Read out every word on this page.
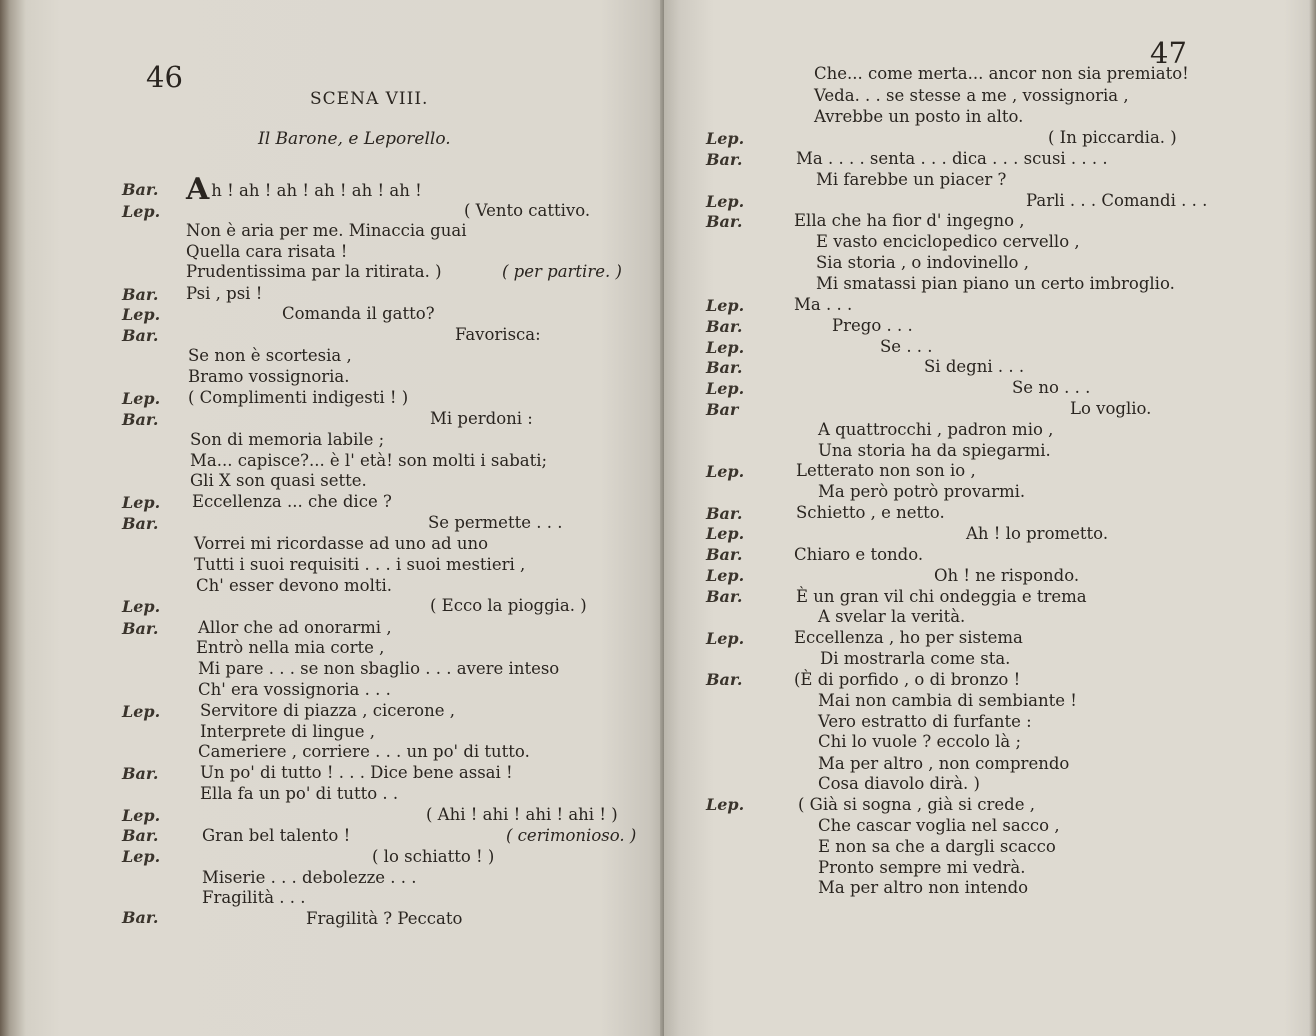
46
SCENA VIII.
Il Barone, e Leporello.
Bar.
Lep.
Bar.
Lep.
Bar.
Lep.
Bar.
Lep.
Bar.
Lep.
Bar.
Lep.
Bar.
Lep.
Bar.
Lep.
Bar.
Ah ! ah ! ah ! ah ! ah ! ah !
( Vento cattivo.
Non è aria per me. Minaccia guai
Quella cara risata !
Prudentissima par la ritirata. )	( per partire. )
Psi , psi !
Comanda il gatto?
Favorisca:
Se non è scortesia ,
Bramo vossignoria.
( Complimenti indigesti ! )
Mi perdoni :
Son di memoria labile ;
Ma... capisce?... è l' età! son molti i sabati;
Gli X son quasi sette.
Eccellenza ... che dice ?
Se permette . . .
Vorrei mi ricordasse ad uno ad uno
Tutti i suoi requisiti . . . i suoi mestieri ,
Ch' esser devono molti.
( Ecco la pioggia. )
Allor che ad onorarmi ,
Entrò nella mia corte ,
Mi pare . . . se non sbaglio . . . avere inteso
Ch' era vossignoria . . .
Servitore di piazza , cicerone ,
Interprete di lingue ,
Cameriere , corriere . . . un po' di tutto.
Un po' di tutto ! . . . Dice bene assai !
Ella fa un po' di tutto . .
( Ahi ! ahi ! ahi ! ahi ! )
Gran bel talento !	( cerimonioso. )
( lo schiatto ! )
Miserie . . . debolezze . . .
Fragilità . . .
Fragilità ? Peccato
47
Lep.
Bar.
Lep.
Bar.
Lep.
Bar.
Lep.
Bar.
Lep.
Bar
Lep.
Bar.
Lep.
Bar.
Lep.
Bar.
Lep.
Bar.
Lep.
Che... come merta... ancor non sia premiato!
Veda. . . se stesse a me , vossignoria ,
Avrebbe un posto in alto.
( In piccardia. )
Ma . . . . senta . . . dica . . . scusi . . . .
Mi farebbe un piacer ?
Parli . . . Comandi . . .
Ella che ha fior d' ingegno ,
E vasto enciclopedico cervello ,
Sia storia , o indovinello ,
Mi smatassi pian piano un certo imbroglio.
Ma . . .
Prego . . .
Se . . .
Si degni . . .
Se no . . .
Lo voglio.
A quattrocchi , padron mio ,
Una storia ha da spiegarmi.
Letterato non son io ,
Ma però potrò provarmi.
Schietto , e netto.
Ah ! lo prometto.
Chiaro e tondo.
Oh ! ne rispondo.
È un gran vil chi ondeggia e trema
A svelar la verità.
Eccellenza , ho per sistema
Di mostrarla come sta.
(È di porfido , o di bronzo !
Mai non cambia di sembiante !
Vero estratto di furfante :
Chi lo vuole ? eccolo là ;
Ma per altro , non comprendo
Cosa diavolo dirà. )
( Già si sogna , già si crede ,
Che cascar voglia nel sacco ,
E non sa che a dargli scacco
Pronto sempre mi vedrà.
Ma per altro non intendo
